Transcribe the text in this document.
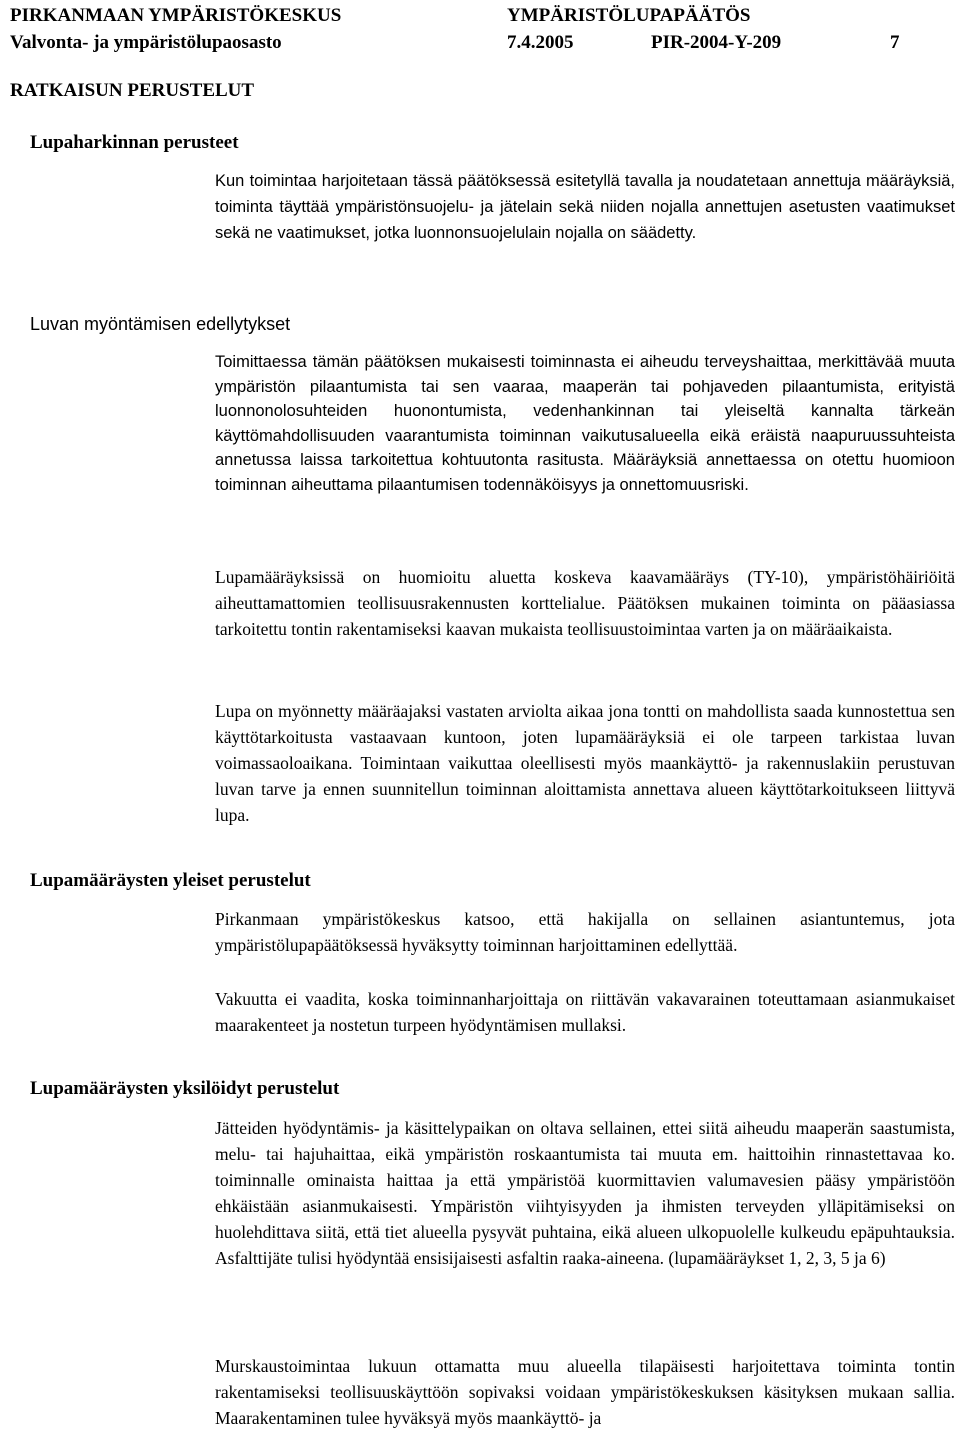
PIRKANMAAN YMPÄRISTÖKESKUS	YMPÄRISTÖLUPAPÄÄTÖS
Valvonta- ja ympäristölupaosasto	7.4.2005	PIR-2004-Y-209	7
RATKAISUN PERUSTELUT
Lupaharkinnan perusteet

Kun toimintaa harjoitetaan tässä päätöksessä esitetyllä tavalla ja noudatetaan annettuja määräyksiä, toiminta täyttää ympäristönsuojelu- ja jätelain sekä niiden nojalla annettujen asetusten vaatimukset sekä ne vaatimukset, jotka luonnonsuojelulain nojalla on säädetty.

Luvan myöntämisen edellytykset

Toimittaessa tämän päätöksen mukaisesti toiminnasta ei aiheudu terveyshaittaa, merkittävää muuta ympäristön pilaantumista tai sen vaaraa, maaperän tai pohjaveden pilaantumista, erityistä luonnonolosuhteiden huonontumista, vedenhankinnan tai yleiseltä kannalta tärkeän käyttömahdollisuuden vaarantumista toiminnan vaikutusalueella eikä eräistä naapuruussuhteista annetussa laissa tarkoitettua kohtuutonta rasitusta. Määräyksiä annettaessa on otettu huomioon toiminnan aiheuttama pilaantumisen todennäköisyys ja onnettomuusriski.

Lupamääräyksissä on huomioitu aluetta koskeva kaavamääräys (TY-10), ympäristöhäiriöitä aiheuttamattomien teollisuusrakennusten korttelialue. Päätöksen mukainen toiminta on pääasiassa tarkoitettu tontin rakentamiseksi kaavan mukaista teollisuustoimintaa varten ja on määräaikaista.

Lupa on myönnetty määräajaksi vastaten arviolta aikaa jona tontti on mahdollista saada kunnostettua sen käyttötarkoitusta vastaavaan kuntoon, joten lupamääräyksiä ei ole tarpeen tarkistaa luvan voimassaoloaikana. Toimintaan vaikuttaa oleellisesti myös maankäyttö- ja rakennuslakiin perustuvan luvan tarve ja ennen suunnitellun toiminnan aloittamista annettava alueen käyttötarkoitukseen liittyvä lupa.

Lupamääräysten yleiset perustelut

Pirkanmaan ympäristökeskus katsoo, että hakijalla on sellainen asiantuntemus, jota ympäristölupapäätöksessä hyväksytty toiminnan harjoittaminen edellyttää.

Vakuutta ei vaadita, koska toiminnanharjoittaja on riittävän vakavarainen toteuttamaan asianmukaiset maarakenteet ja nostetun turpeen hyödyntämisen mullaksi.

Lupamääräysten yksilöidyt perustelut

Jätteiden hyödyntämis- ja käsittelypaikan on oltava sellainen, ettei siitä aiheudu maaperän saastumista, melu- tai hajuhaittaa, eikä ympäristön roskaantumista tai muuta em. haittoihin rinnastettavaa ko. toiminnalle ominaista haittaa ja että ympäristöä kuormittavien valumavesien pääsy ympäristöön ehkäistään asianmukaisesti. Ympäristön viihtyisyyden ja ihmisten terveyden ylläpitämiseksi on huolehdittava siitä, että tiet alueella pysyvät puhtaina, eikä alueen ulkopuolelle kulkeudu epäpuhtauksia. Asfalttijäte tulisi hyödyntää ensisijaisesti asfaltin raaka-aineena. (lupamääräykset 1, 2, 3, 5 ja 6)

Murskaustoimintaa lukuun ottamatta muu alueella tilapäisesti harjoitettava toiminta tontin rakentamiseksi teollisuuskäyttöön sopivaksi voidaan ympäristökeskuksen käsityksen mukaan sallia. Maarakentaminen tulee hyväksyä myös maankäyttö- ja
